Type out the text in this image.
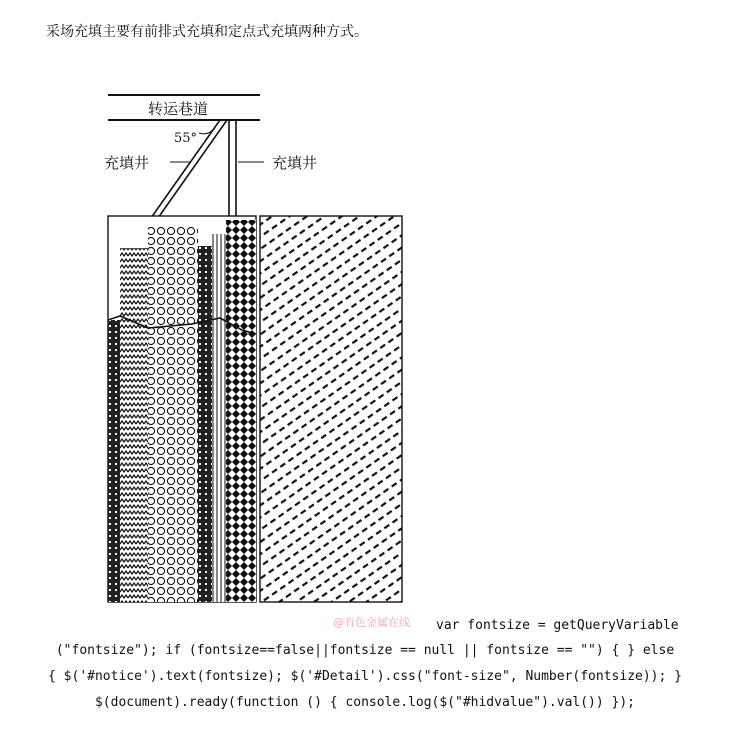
采场充填主要有前排式充填和定点式充填两种方式。
转运巷道
55°
充填井	充填井
@有色金属在线 var fontsize = getQueryVariable
("fontsize"); if (fontsize==false||fontsize == null || fontsize == "") { } else
{ $('#notice').text(fontsize); $('#Detail').css("font-size", Number(fontsize)); }
$(document).ready(function () { console.log($("#hidvalue").val()) });
